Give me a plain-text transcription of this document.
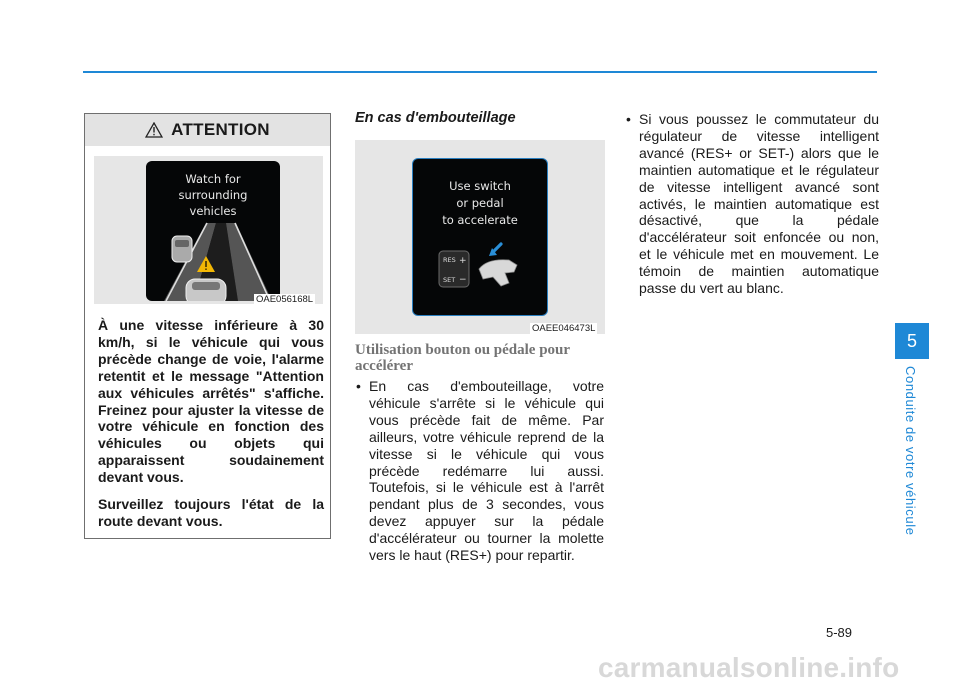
ATTENTION
Watch for
surrounding
vehicles
OAE056168L

À une vitesse inférieure à 30 km/h, si le véhicule qui vous précède change de voie, l'alarme retentit et le message "Attention aux véhicules arrêtés" s'affiche. Freinez pour ajuster la vitesse de votre véhicule en fonction des véhicules ou objets qui apparaissent soudainement devant vous.

Surveillez toujours l'état de la route devant vous.

En cas d'embouteillage
Use switch
or pedal
to accelerate
RES +
SET −
OAEE046473L
Utilisation bouton ou pédale pour accélérer

• En cas d'embouteillage, votre véhicule s'arrête si le véhicule qui vous précède fait de même. Par ailleurs, votre véhicule reprend de la vitesse si le véhicule qui vous précède redémarre lui aussi. Toutefois, si le véhicule est à l'arrêt pendant plus de 3 secondes, vous devez appuyer sur la pédale d'accélérateur ou tourner la molette vers le haut (RES+) pour repartir.

• Si vous poussez le commutateur du régulateur de vitesse intelligent avancé (RES+ or SET-) alors que le maintien automatique et le régulateur de vitesse intelligent avancé sont activés, le maintien automatique est désactivé, que la pédale d'accélérateur soit enfoncée ou non, et le véhicule met en mouvement. Le témoin de maintien automatique passe du vert au blanc.

5
Conduite de votre véhicule
5-89
carmanualsonline.info
